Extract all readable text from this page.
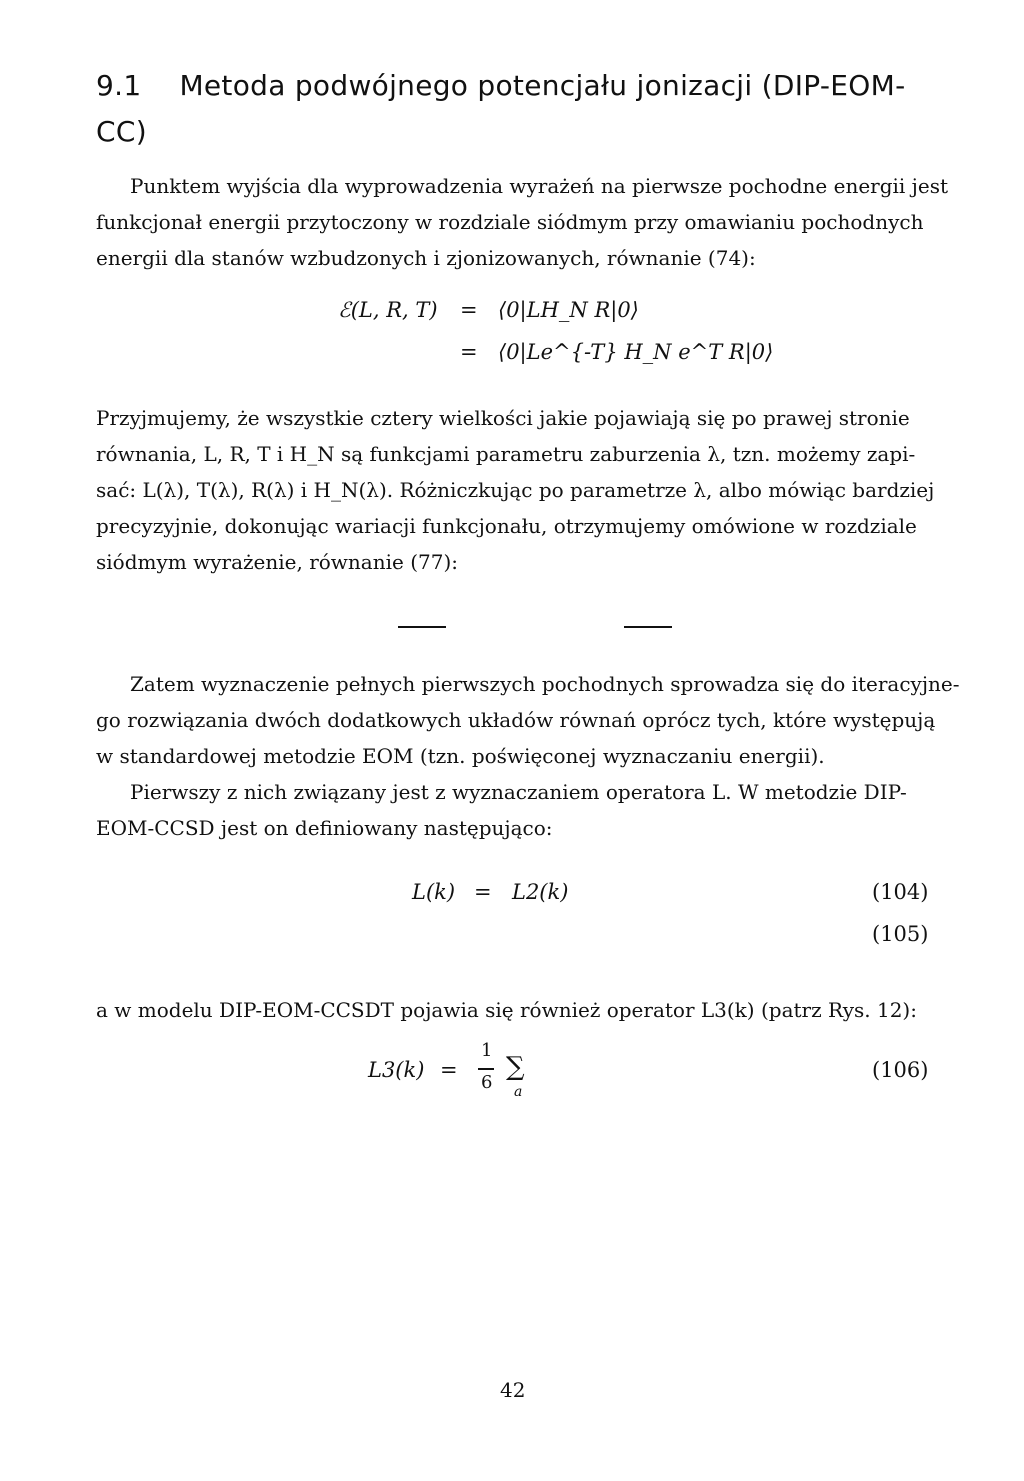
9.1 Metoda podwójnego potencjału jonizacji (DIP-EOM-
CC)
Punktem wyjścia dla wyprowadzenia wyrażeń na pierwsze pochodne energii jest
funkcjonał energii przytoczony w rozdziale siódmym przy omawianiu pochodnych
energii dla stanów wzbudzonych i zjonizowanych, równanie (74):
ℰ(L, R, T) = ⟨0|LH_N R|0⟩
= ⟨0|Le^{-T} H_N e^T R|0⟩
Przyjmujemy, że wszystkie cztery wielkości jakie pojawiają się po prawej stronie
równania, L, R, T i H_N są funkcjami parametru zaburzenia λ, tzn. możemy zapi-
sać: L(λ), T(λ), R(λ) i H_N(λ). Różniczkując po parametrze λ, albo mówiąc bardziej
precyzyjnie, dokonując wariacji funkcjonału, otrzymujemy omówione w rozdziale
siódmym wyrażenie, równanie (77):
Zatem wyznaczenie pełnych pierwszych pochodnych sprowadza się do iteracyjne-
go rozwiązania dwóch dodatkowych układów równań oprócz tych, które występują
w standardowej metodzie EOM (tzn. poświęconej wyznaczaniu energii).
Pierwszy z nich związany jest z wyznaczaniem operatora L. W metodzie DIP-
EOM-CCSD jest on definiowany następująco:
L(k) = L2(k)	(104)
(105)
a w modelu DIP-EOM-CCSDT pojawia się również operator L3(k) (patrz Rys. 12):
L3(k) =
1
6
∑
a
(106)
42
